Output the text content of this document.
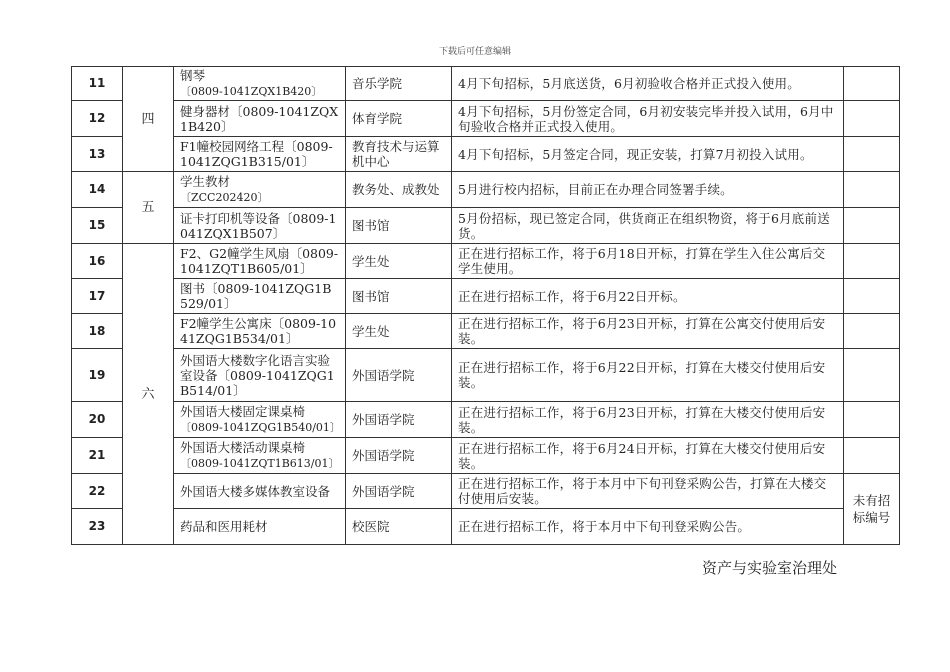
下载后可任意编辑
11	四	钢琴
〔0809-1041ZQX1B420〕	音乐学院	4月下旬招标，5月底送货，6月初验收合格并正式投入使用。	
12		健身器材〔0809-1041ZQX1B420〕	体育学院	4月下旬招标，5月份签定合同，6月初安装完毕并投入试用，6月中旬验收合格并正式投入使用。	
13		F1幢校园网络工程〔0809-1041ZQG1B315/01〕	教育技术与运算机中心	4月下旬招标，5月签定合同，现正安装，打算7月初投入试用。	
14	五	学生教材
〔ZCC202420〕	教务处、成教处	5月进行校内招标，目前正在办理合同签署手续。	
15		证卡打印机等设备〔0809-1041ZQX1B507〕	图书馆	5月份招标，现已签定合同，供货商正在组织物资，将于6月底前送货。	
16	六	F2、G2幢学生风扇〔0809-1041ZQT1B605/01〕	学生处	正在进行招标工作，将于6月18日开标，打算在学生入住公寓后交学生使用。	
17		图书〔0809-1041ZQG1B529/01〕	图书馆	正在进行招标工作，将于6月22日开标。	
18		F2幢学生公寓床〔0809-1041ZQG1B534/01〕	学生处	正在进行招标工作，将于6月23日开标，打算在公寓交付使用后安装。	
19		外国语大楼数字化语言实验室设备〔0809-1041ZQG1B514/01〕	外国语学院	正在进行招标工作，将于6月22日开标，打算在大楼交付使用后安装。	
20		外国语大楼固定课桌椅
〔0809-1041ZQG1B540/01〕	外国语学院	正在进行招标工作，将于6月23日开标，打算在大楼交付使用后安装。	
21		外国语大楼活动课桌椅
〔0809-1041ZQT1B613/01〕	外国语学院	正在进行招标工作，将于6月24日开标，打算在大楼交付使用后安装。	
22		外国语大楼多媒体教室设备	外国语学院	正在进行招标工作，将于本月中下旬刊登采购公告，打算在大楼交付使用后安装。	未有招标编号
23		药品和医用耗材	校医院	正在进行招标工作，将于本月中下旬刊登采购公告。	
资产与实验室治理处
